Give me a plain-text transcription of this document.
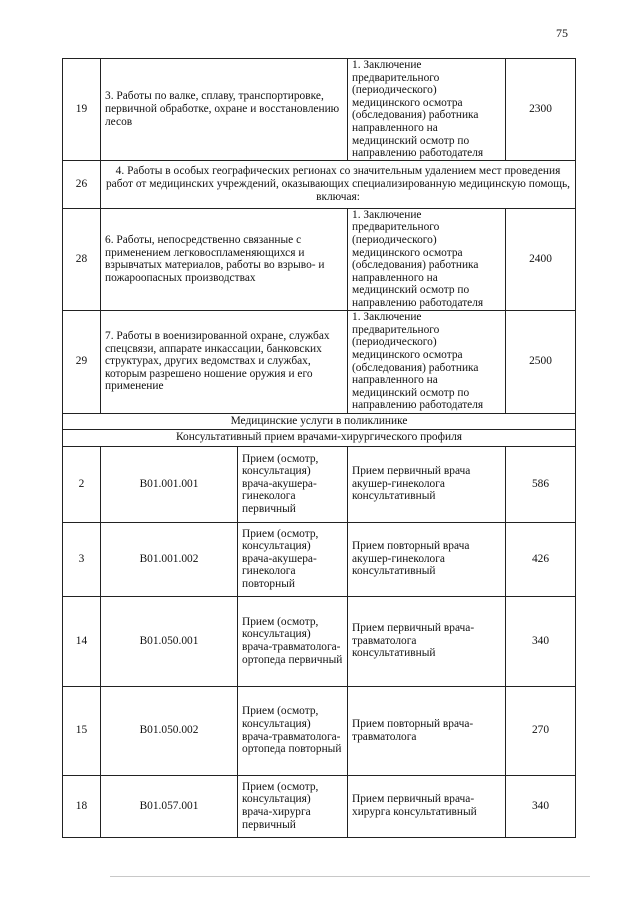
75
19	3. Работы по валке, сплаву, транспортировке, первичной обработке, охране и восстановлению лесов		1. Заключение предварительного (периодического) медицинского осмотра (обследования) работника направленного на медицинский осмотр по направлению работодателя	2300
26	4. Работы в особых географических регионах со значительным удалением мест проведения работ от медицинских учреждений, оказывающих специализированную медицинскую помощь, включая:			
28	6. Работы, непосредственно связанные с применением легковоспламеняющихся и взрывчатых материалов, работы во взрыво- и пожароопасных производствах		1. Заключение предварительного (периодического) медицинского осмотра (обследования) работника направленного на медицинский осмотр по направлению работодателя	2400
29	7. Работы в военизированной охране, службах спецсвязи, аппарате инкассации, банковских структурах, других ведомствах и службах, которым разрешено ношение оружия и его применение		1. Заключение предварительного (периодического) медицинского осмотра (обследования) работника направленного на медицинский осмотр по направлению работодателя	2500
Медицинские услуги в поликлинике				
Консультативный прием врачами-хирургического профиля				
2	B01.001.001	Прием (осмотр, консультация) врача-акушера-гинеколога первичный	Прием первичный врача акушер-гинеколога консультативный	586
3	B01.001.002	Прием (осмотр, консультация) врача-акушера-гинеколога повторный	Прием повторный врача акушер-гинеколога консультативный	426
14	B01.050.001	Прием (осмотр, консультация) врача-травматолога-ортопеда первичный	Прием первичный врача-травматолога консультативный	340
15	B01.050.002	Прием (осмотр, консультация) врача-травматолога-ортопеда повторный	Прием повторный врача-травматолога	270
18	B01.057.001	Прием (осмотр, консультация) врача-хирурга первичный	Прием первичный врача-хирурга консультативный	340
